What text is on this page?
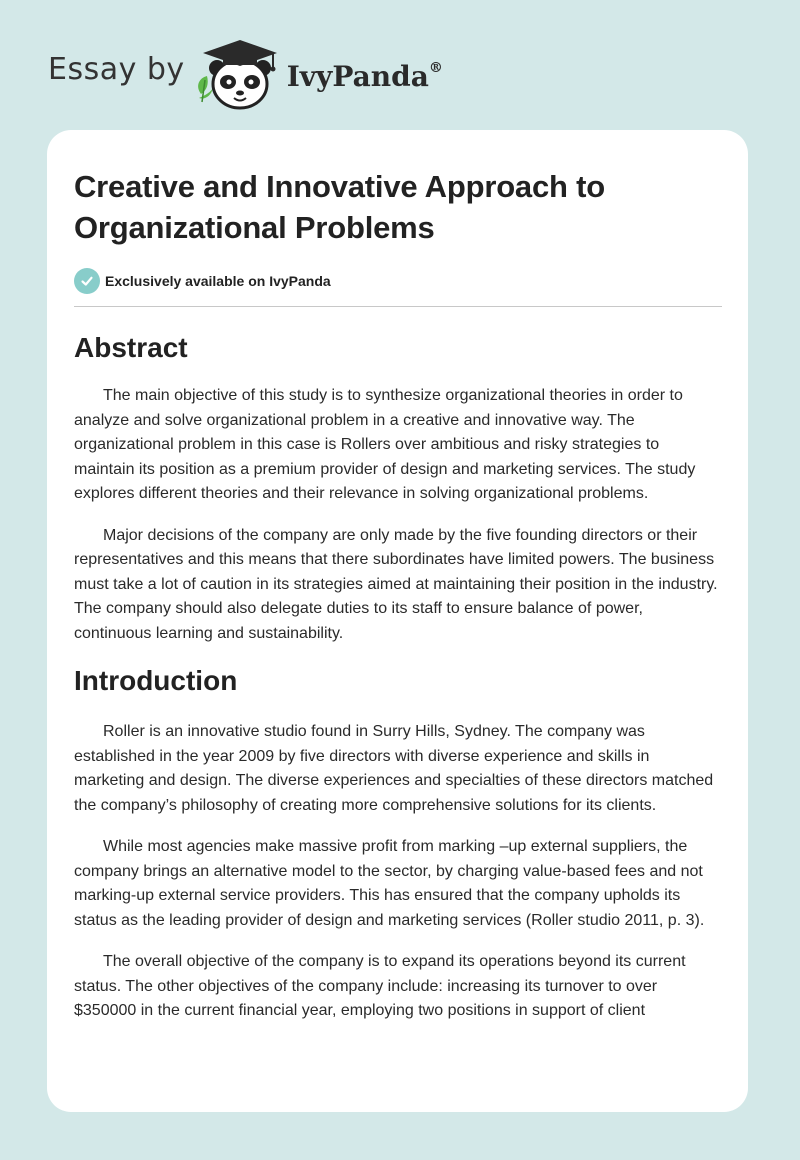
Essay by	IvyPanda®
Creative and Innovative Approach to Organizational Problems
Exclusively available on IvyPanda
Abstract

The main objective of this study is to synthesize organizational theories in order to analyze and solve organizational problem in a creative and innovative way. The organizational problem in this case is Rollers over ambitious and risky strategies to maintain its position as a premium provider of design and marketing services. The study explores different theories and their relevance in solving organizational problems.

Major decisions of the company are only made by the five founding directors or their representatives and this means that there subordinates have limited powers. The business must take a lot of caution in its strategies aimed at maintaining their position in the industry. The company should also delegate duties to its staff to ensure balance of power, continuous learning and sustainability.

Introduction

Roller is an innovative studio found in Surry Hills, Sydney. The company was established in the year 2009 by five directors with diverse experience and skills in marketing and design. The diverse experiences and specialties of these directors matched the company’s philosophy of creating more comprehensive solutions for its clients.

While most agencies make massive profit from marking –up external suppliers, the company brings an alternative model to the sector, by charging value-based fees and not marking-up external service providers. This has ensured that the company upholds its status as the leading provider of design and marketing services (Roller studio 2011, p. 3).

The overall objective of the company is to expand its operations beyond its current status. The other objectives of the company include: increasing its turnover to over $350000 in the current financial year, employing two positions in support of client
